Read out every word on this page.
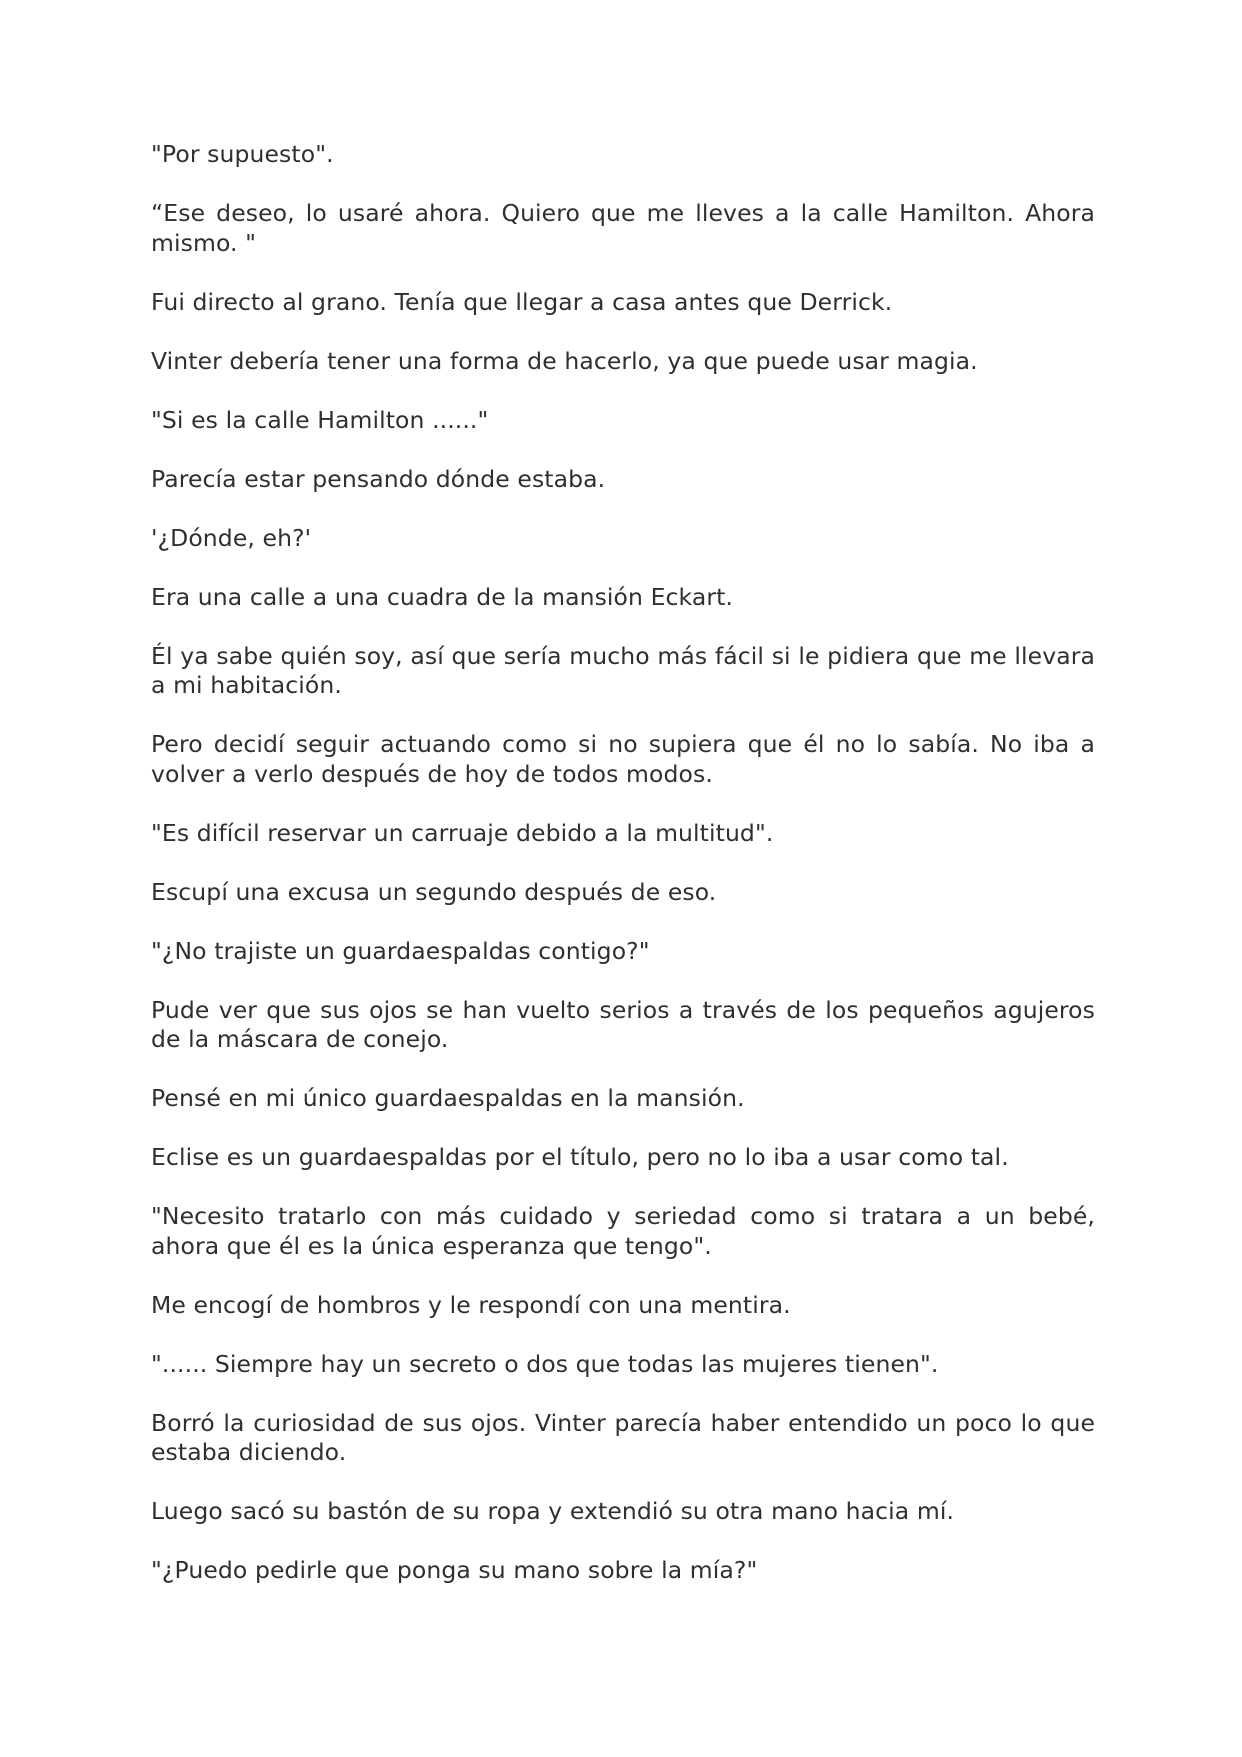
"Por supuesto".

“Ese deseo, lo usaré ahora. Quiero que me lleves a la calle Hamilton. Ahora mismo. "

Fui directo al grano. Tenía que llegar a casa antes que Derrick.

Vinter debería tener una forma de hacerlo, ya que puede usar magia.

"Si es la calle Hamilton ......"

Parecía estar pensando dónde estaba.

'¿Dónde, eh?'

Era una calle a una cuadra de la mansión Eckart.

Él ya sabe quién soy, así que sería mucho más fácil si le pidiera que me llevara a mi habitación.

Pero decidí seguir actuando como si no supiera que él no lo sabía. No iba a volver a verlo después de hoy de todos modos.

"Es difícil reservar un carruaje debido a la multitud".

Escupí una excusa un segundo después de eso.

"¿No trajiste un guardaespaldas contigo?"

Pude ver que sus ojos se han vuelto serios a través de los pequeños agujeros de la máscara de conejo.

Pensé en mi único guardaespaldas en la mansión.

Eclise es un guardaespaldas por el título, pero no lo iba a usar como tal.

"Necesito tratarlo con más cuidado y seriedad como si tratara a un bebé, ahora que él es la única esperanza que tengo".

Me encogí de hombros y le respondí con una mentira.

"...... Siempre hay un secreto o dos que todas las mujeres tienen".

Borró la curiosidad de sus ojos. Vinter parecía haber entendido un poco lo que estaba diciendo.

Luego sacó su bastón de su ropa y extendió su otra mano hacia mí.

"¿Puedo pedirle que ponga su mano sobre la mía?"
